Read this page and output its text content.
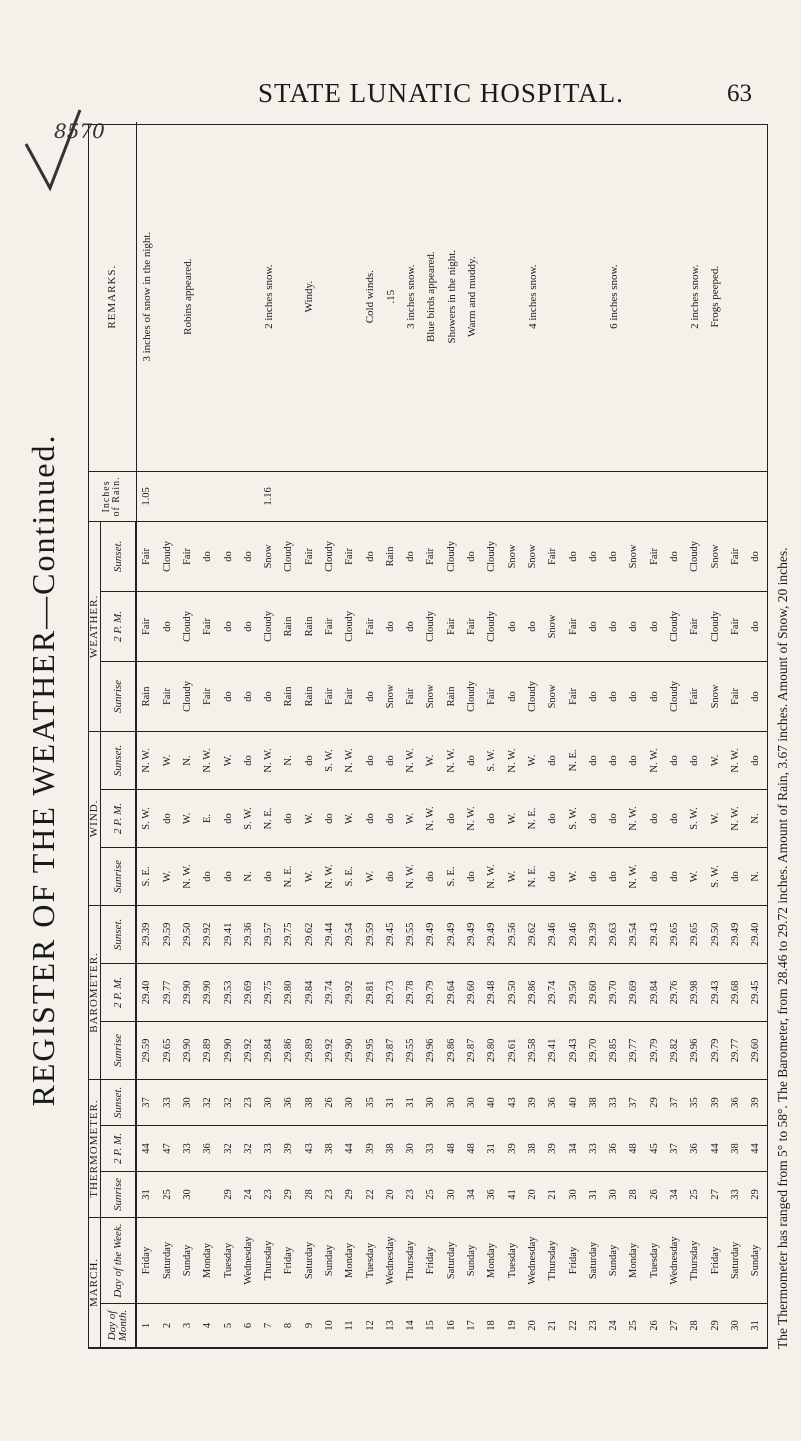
8570
STATE LUNATIC HOSPITAL.	63
REGISTER OF THE WEATHER—Continued.
MARCH.		THERMOMETER.			BAROMETER.			WIND.			WEATHER.			Inches of Rain.	REMARKS.
Day of Month.	Day of the Week.	Sunrise	2 P. M.	Sunset.	Sunrise	2 P. M.	Sunset.	Sunrise	2 P. M.	Sunset.	Sunrise	2 P. M.	Sunset.		
1	Friday	31	44	37	29.59	29.40	29.39	S. E.	S. W.	N. W.	Rain	Fair	Fair	1.05	3 inches of snow in the night.
2	Saturday	25	47	33	29.65	29.77	29.59	W.	do	W.	Fair	do	Cloudy		
3	Sunday	30	33	30	29.90	29.90	29.50	N. W.	W.	N.	Cloudy	Cloudy	Fair		Robins appeared.
4	Monday		36	32	29.89	29.90	29.92	do	E.	N. W.	Fair	Fair	do		
5	Tuesday	29	32	32	29.90	29.53	29.41	do	do	W.	do	do	do		
6	Wednesday	24	32	23	29.92	29.69	29.36	N.	S. W.	do	do	do	do		
7	Thursday	23	33	30	29.84	29.75	29.57	do	N. E.	N. W.	do	Cloudy	Snow	1.16	2 inches snow.
8	Friday	29	39	36	29.86	29.80	29.75	N. E.	do	N.	Rain	Rain	Cloudy		
9	Saturday	28	43	38	29.89	29.84	29.62	W.	W.	do	Rain	Rain	Fair		Windy.
10	Sunday	23	38	26	29.92	29.74	29.44	N. W.	do	S. W.	Fair	Fair	Cloudy		
11	Monday	29	44	30	29.90	29.92	29.54	S. E.	W.	N. W.	Fair	Cloudy	Fair		
12	Tuesday	22	39	35	29.95	29.81	29.59	W.	do	do	do	Fair	do		Cold winds.
13	Wednesday	20	38	31	29.87	29.73	29.45	do	do	do	Snow	do	Rain		.15
14	Thursday	23	30	31	29.55	29.78	29.55	N. W.	W.	N. W.	Fair	do	do		3 inches snow.
15	Friday	25	33	30	29.96	29.79	29.49	do	N. W.	W.	Snow	Cloudy	Fair		Blue birds appeared.
16	Saturday	30	48	30	29.86	29.64	29.49	S. E.	do	N. W.	Rain	Fair	Cloudy		Showers in the night.
17	Sunday	34	48	30	29.87	29.60	29.49	do	N. W.	do	Cloudy	Fair	do		Warm and muddy.
18	Monday	36	31	40	29.80	29.48	29.49	N. W.	do	S. W.	Fair	Cloudy	Cloudy		
19	Tuesday	41	39	43	29.61	29.50	29.56	W.	W.	N. W.	do	do	Snow		
20	Wednesday	20	38	39	29.58	29.86	29.62	N. E.	N. E.	W.	Cloudy	do	Snow		4 inches snow.
21	Thursday	21	39	36	29.41	29.74	29.46	do	do	do	Snow	Snow	Fair		
22	Friday	30	34	40	29.43	29.50	29.46	W.	S. W.	N. E.	Fair	Fair	do		
23	Saturday	31	33	38	29.70	29.60	29.39	do	do	do	do	do	do		
24	Sunday	30	36	33	29.85	29.70	29.63	do	do	do	do	do	do		6 inches snow.
25	Monday	28	48	37	29.77	29.69	29.54	N. W.	N. W.	do	do	do	Snow		
26	Tuesday	26	45	29	29.79	29.84	29.43	do	do	N. W.	do	do	Fair		
27	Wednesday	34	37	37	29.82	29.76	29.65	do	do	do	Cloudy	Cloudy	do		
28	Thursday	25	36	35	29.96	29.98	29.65	W.	S. W.	do	Fair	Fair	Cloudy		2 inches snow.
29	Friday	27	44	39	29.79	29.43	29.50	S. W.	W.	W.	Snow	Cloudy	Snow		Frogs peeped.
30	Saturday	33	38	36	29.77	29.68	29.49	do	N. W.	N. W.	Fair	Fair	Fair		
31	Sunday	29	44	39	29.60	29.45	29.40	N.	N.	do	do	do	do			The Thermometer has ranged from 5° to 58°. The Barometer, from 28.46 to 29.72 inches. Amount of Rain, 3.67 inches. Amount of Snow, 20 inches.
